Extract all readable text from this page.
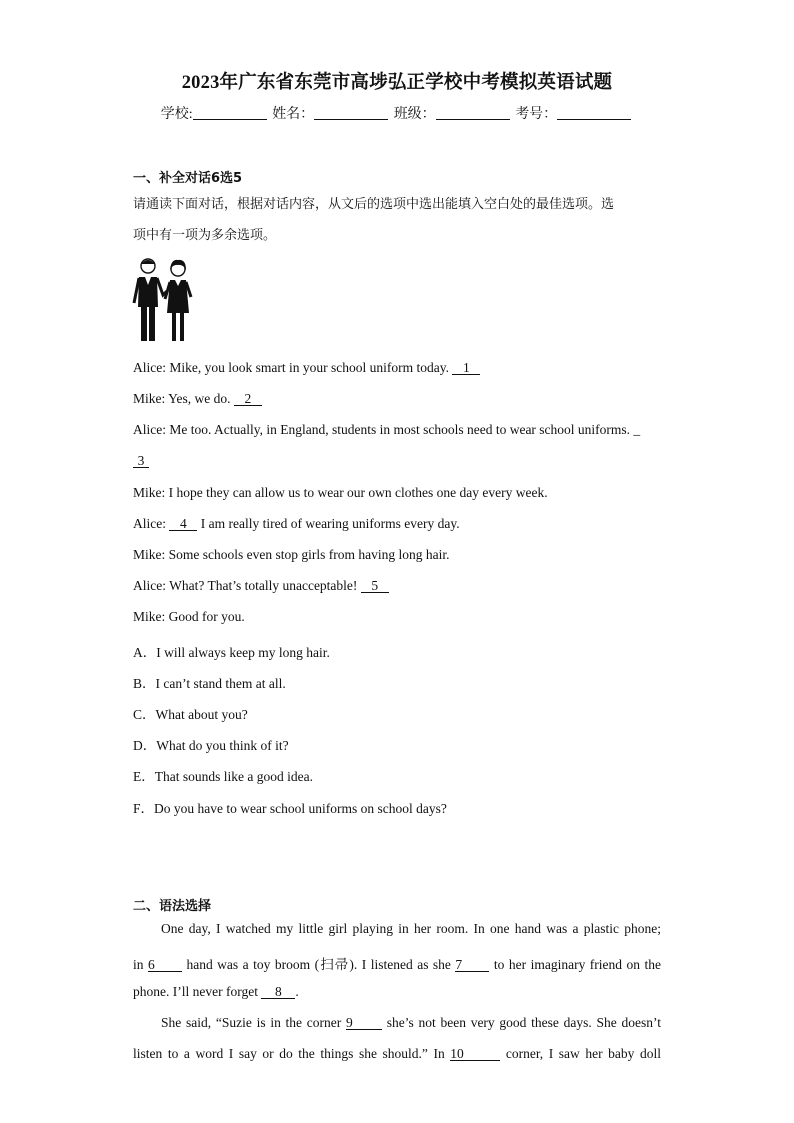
2023年广东省东莞市高埗弘正学校中考模拟英语试题
学校:	姓名：	班级：	考号：
一、补全对话6选5
请通读下面对话，根据对话内容，从文后的选项中选出能填入空白处的最佳选项。选
项中有一项为多余选项。
Alice: Mike, you look smart in your school uniform today. 1
Mike: Yes, we do. 2
Alice: Me too. Actually, in England, students in most schools need to wear school uniforms. _
3
Mike: I hope they can allow us to wear our own clothes one day every week.
Alice: 4 I am really tired of wearing uniforms every day.
Mike: Some schools even stop girls from having long hair.
Alice: What? That’s totally unacceptable! 5
Mike: Good for you.
A．I will always keep my long hair.
B．I can’t stand them at all.
C．What about you?
D．What do you think of it?
E．That sounds like a good idea.
F．Do you have to wear school uniforms on school days?
二、语法选择
One day, I watched my little girl playing in her room. In one hand was a plastic phone;
in 6 hand was a toy broom (扫帚). I listened as she 7 to her imaginary friend on the
phone. I’ll never forget 8 .
She said, “Suzie is in the corner 9 she’s not been very good these days. She doesn’t
listen to a word I say or do the things she should.” In 10	corner, I saw her baby doll
